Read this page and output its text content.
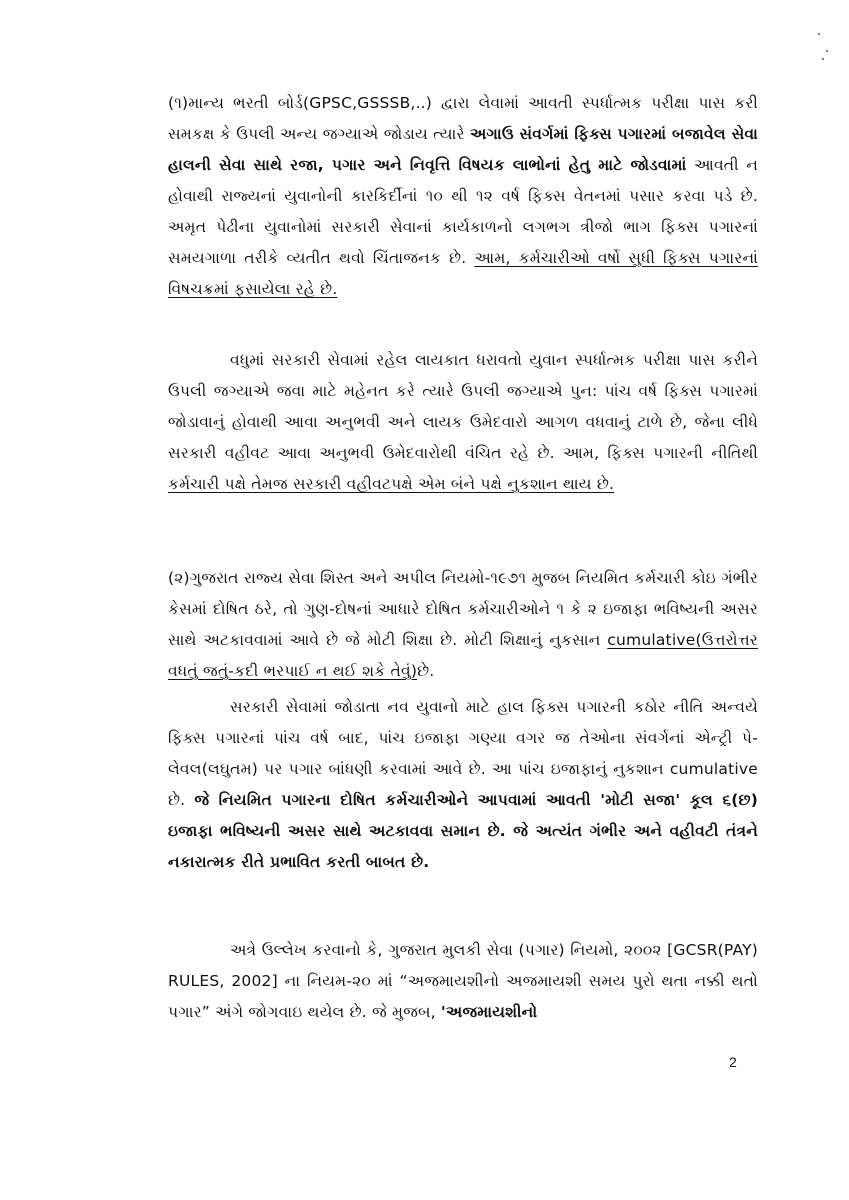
(૧)માન્ય ભરતી બોર્ડ(GPSC,GSSSB,..) દ્વારા લેવામાં આવતી સ્પર્ધાત્મક પરીક્ષા પાસ કરી સમકક્ષ કે ઉપલી અન્ય જગ્યાએ જોડાય ત્યારે અગાઉ સંવર્ગમાં ફિક્સ પગારમાં બજાવેલ સેવા હાલની સેવા સાથે રજા, પગાર અને નિવૃત્તિ વિષયક લાભોનાં હેતુ માટે જોડવામાં આવતી ન હોવાથી રાજ્યનાં યુવાનોની કારકિર્દીનાં ૧૦ થી ૧૨ વર્ષ ફિક્સ વેતનમાં પસાર કરવા પડે છે. અમૃત પેઢીના યુવાનોમાં સરકારી સેવાનાં કાર્યકાળનો લગભગ ત્રીજો ભાગ ફિક્સ પગારનાં સમયગાળા તરીકે વ્યતીત થવો ચિંતાજનક છે. આમ, કર્મચારીઓ વર્ષો સુધી ફિક્સ પગારનાં વિષચક્રમાં ફસાયેલા રહે છે.

વધુમાં સરકારી સેવામાં રહેલ લાયકાત ધરાવતો યુવાન સ્પર્ધાત્મક પરીક્ષા પાસ કરીને ઉપલી જગ્યાએ જવા માટે મહેનત કરે ત્યારે ઉપલી જગ્યાએ પુન: પાંચ વર્ષ ફિક્સ પગારમાં જોડાવાનું હોવાથી આવા અનુભવી અને લાયક ઉમેદવારો આગળ વધવાનું ટાળે છે, જેના લીધે સરકારી વહીવટ આવા અનુભવી ઉમેદવારોથી વંચિત રહે છે. આમ, ફિક્સ પગારની નીતિથી કર્મચારી પક્ષે તેમજ સરકારી વહીવટપક્ષે એમ બંને પક્ષે નુકશાન થાય છે.

(૨)ગુજરાત રાજ્ય સેવા શિસ્ત અને અપીલ નિયમો-૧૯૭૧ મુજબ નિયમિત કર્મચારી કોઇ ગંભીર કેસમાં દોષિત ઠરે, તો ગુણ-દોષનાં આધારે દોષિત કર્મચારીઓને ૧ કે ૨ ઇજાફા ભવિષ્યની અસર સાથે અટકાવવામાં આવે છે જે મોટી શિક્ષા છે. મોટી શિક્ષાનું નુકસાન cumulative(ઉત્તરોત્તર વધતું જતું-કદી ભરપાઈ ન થઈ શકે તેવું)છે.

સરકારી સેવામાં જોડાતા નવ યુવાનો માટે હાલ ફિક્સ પગારની કઠોર નીતિ અન્વયે ફિક્સ પગારનાં પાંચ વર્ષ બાદ, પાંચ ઇજાફા ગણ્યા વગર જ તેઓના સંવર્ગનાં એન્ટ્રી પે-લેવલ(લઘુતમ) પર પગાર બાંધણી કરવામાં આવે છે. આ પાંચ ઇજાફાનું નુકશાન cumulative છે. જે નિયમિત પગારના દોષિત કર્મચારીઓને આપવામાં આવતી 'મોટી સજા' કૂલ ૬(છ) ઇજાફા ભવિષ્યની અસર સાથે અટકાવવા સમાન છે. જે અત્યંત ગંભીર અને વહીવટી તંત્રને નકારાત્મક રીતે પ્રભાવિત કરતી બાબત છે.

અત્રે ઉલ્લેખ કરવાનો કે, ગુજરાત મુલકી સેવા (પગાર) નિયમો, ૨૦૦૨ [GCSR(PAY) RULES, 2002] ના નિયમ-૨૦ માં “અજમાયશીનો અજમાયશી સમય પુરો થતા નક્કી થતો પગાર” અંગે જોગવાઇ થયેલ છે. જે મુજબ, 'અજમાયશીનો

2
